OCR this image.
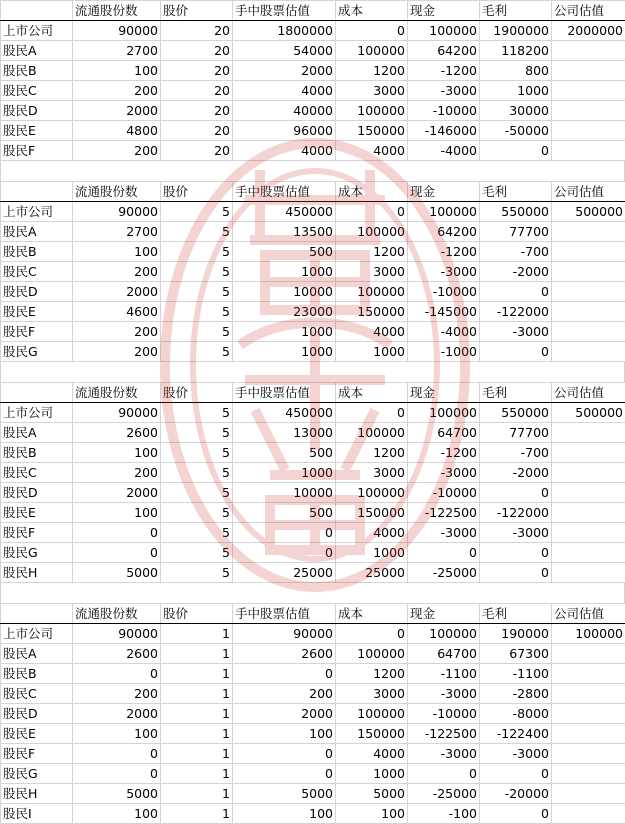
	流通股份数	股价	手中股票估值	成本	现金	毛利	公司估值
上市公司	90000	20	1800000	0	100000	1900000	2000000
股民A	2700	20	54000	100000	64200	118200	
股民B	100	20	2000	1200	-1200	800	
股民C	200	20	4000	3000	-3000	1000	
股民D	2000	20	40000	100000	-10000	30000	
股民E	4800	20	96000	150000	-146000	-50000	
股民F	200	20	4000	4000	-4000	0	
	流通股份数	股价	手中股票估值	成本	现金	毛利	公司估值
上市公司	90000	5	450000	0	100000	550000	500000
股民A	2700	5	13500	100000	64200	77700	
股民B	100	5	500	1200	-1200	-700	
股民C	200	5	1000	3000	-3000	-2000	
股民D	2000	5	10000	100000	-10000	0	
股民E	4600	5	23000	150000	-145000	-122000	
股民F	200	5	1000	4000	-4000	-3000	
股民G	200	5	1000	1000	-1000	0	
	流通股份数	股价	手中股票估值	成本	现金	毛利	公司估值
上市公司	90000	5	450000	0	100000	550000	500000
股民A	2600	5	13000	100000	64700	77700	
股民B	100	5	500	1200	-1200	-700	
股民C	200	5	1000	3000	-3000	-2000	
股民D	2000	5	10000	100000	-10000	0	
股民E	100	5	500	150000	-122500	-122000	
股民F	0	5	0	4000	-3000	-3000	
股民G	0	5	0	1000	0	0	
股民H	5000	5	25000	25000	-25000	0	
	流通股份数	股价	手中股票估值	成本	现金	毛利	公司估值
上市公司	90000	1	90000	0	100000	190000	100000
股民A	2600	1	2600	100000	64700	67300	
股民B	0	1	0	1200	-1100	-1100	
股民C	200	1	200	3000	-3000	-2800	
股民D	2000	1	2000	100000	-10000	-8000	
股民E	100	1	100	150000	-122500	-122400	
股民F	0	1	0	4000	-3000	-3000	
股民G	0	1	0	1000	0	0	
股民H	5000	1	5000	5000	-25000	-20000	
股民I	100	1	100	100	-100	0	
